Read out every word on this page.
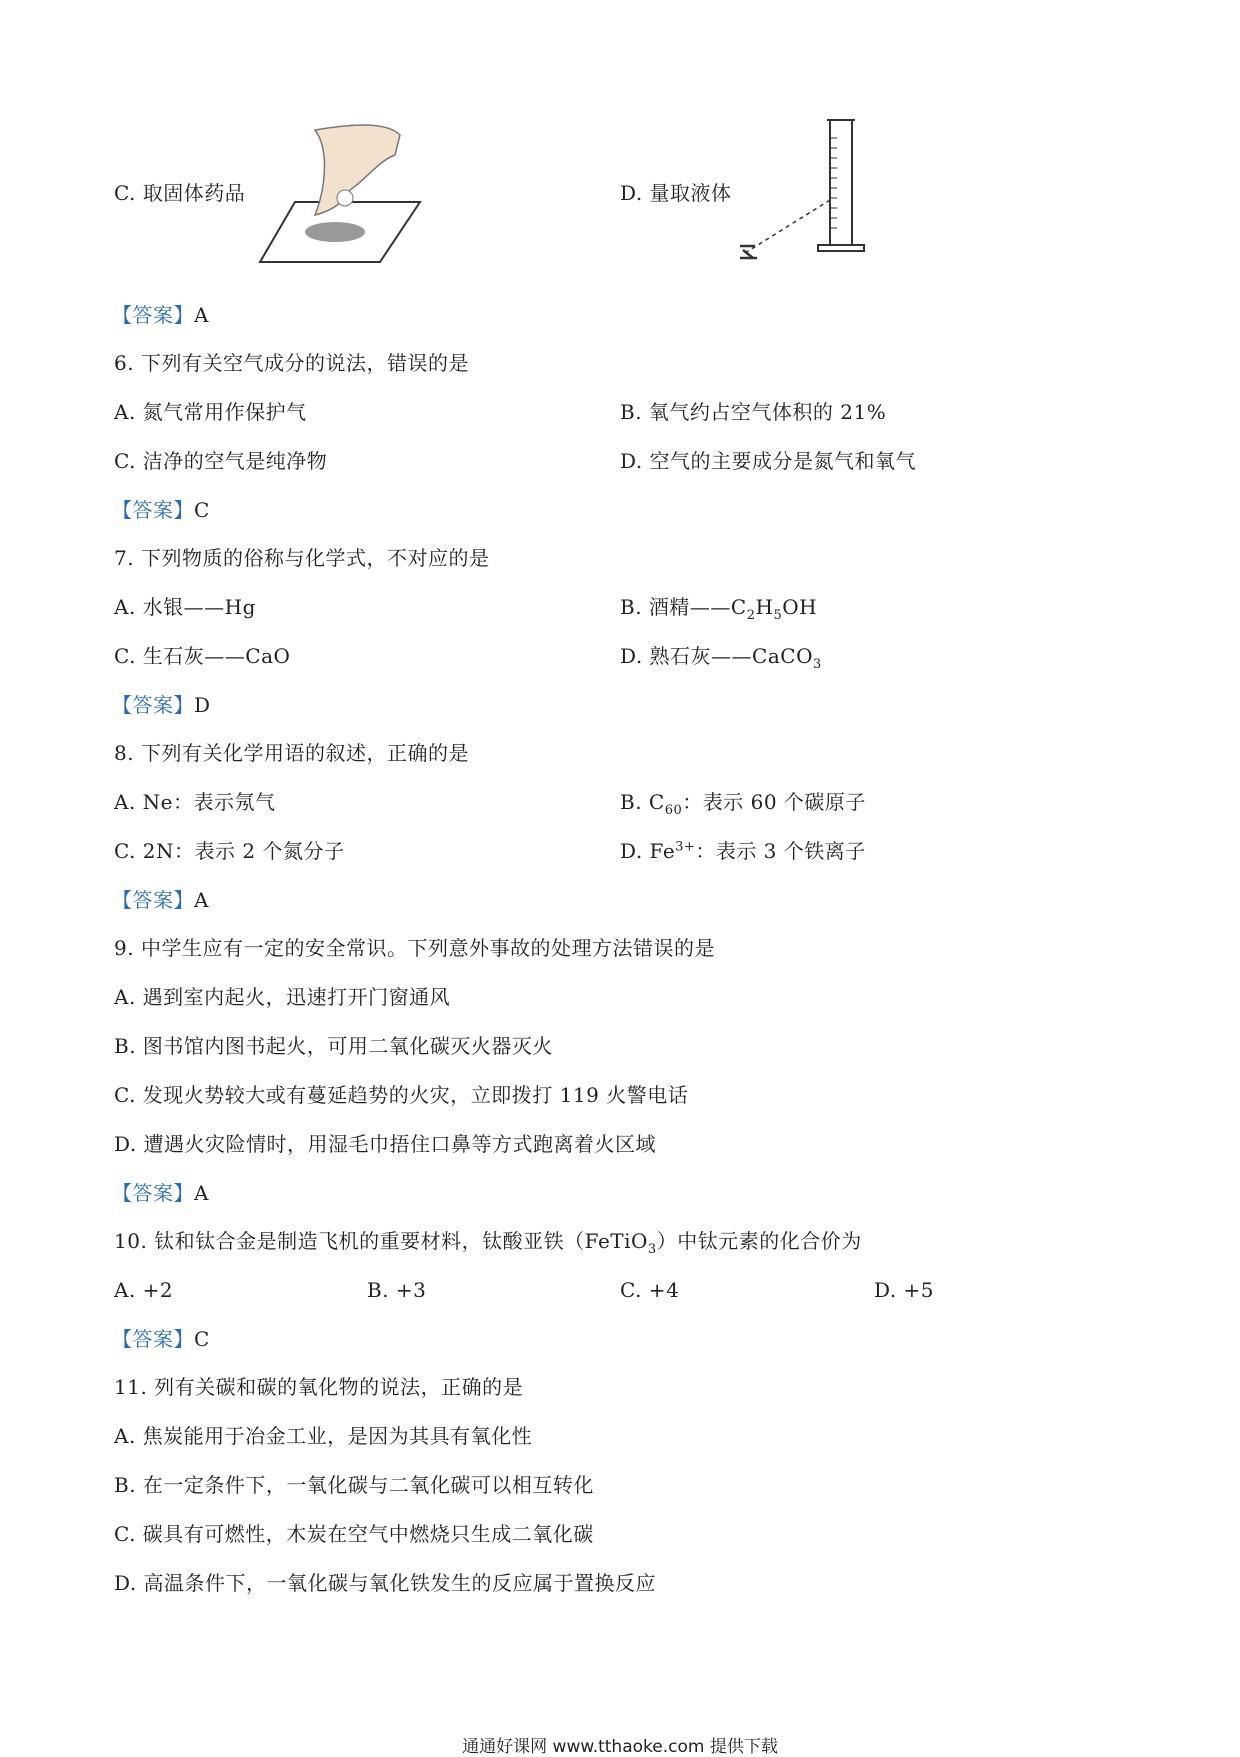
C. 取固体药品	D. 量取液体
【答案】A
6. 下列有关空气成分的说法，错误的是
A. 氮气常用作保护气	B. 氧气约占空气体积的 21%
C. 洁净的空气是纯净物	D. 空气的主要成分是氮气和氧气
【答案】C
7. 下列物质的俗称与化学式，不对应的是
A. 水银——Hg	B. 酒精$——C_2H_5OH$
C. 生石灰——CaO	D. 熟石灰——CaCO$_3$
【答案】D
8. 下列有关化学用语的叙述，正确的是
A. Ne：表示氖气	B. $C_{60}$：表示 60 个碳原子
C. 2N：表示 2 个氮分子	D. $Fe^{3+}$：表示 3 个铁离子
【答案】A
9. 中学生应有一定的安全常识。下列意外事故的处理方法错误的是
A. 遇到室内起火，迅速打开门窗通风
B. 图书馆内图书起火，可用二氧化碳灭火器灭火
C. 发现火势较大或有蔓延趋势的火灾，立即拨打 119 火警电话
D. 遭遇火灾险情时，用湿毛巾捂住口鼻等方式跑离着火区域
【答案】A
10. 钛和钛合金是制造飞机的重要材料，钛酸亚铁（FeTiO$_3$）中钛元素的化合价为
A. +2	B. +3	C. +4	D. +5
【答案】C
11. 列有关碳和碳的氧化物的说法，正确的是
A. 焦炭能用于冶金工业，是因为其具有氧化性
B. 在一定条件下，一氧化碳与二氧化碳可以相互转化
C. 碳具有可燃性，木炭在空气中燃烧只生成二氧化碳
D. 高温条件下，一氧化碳与氧化铁发生的反应属于置换反应
通通好课网 www.tthaoke.com 提供下载
